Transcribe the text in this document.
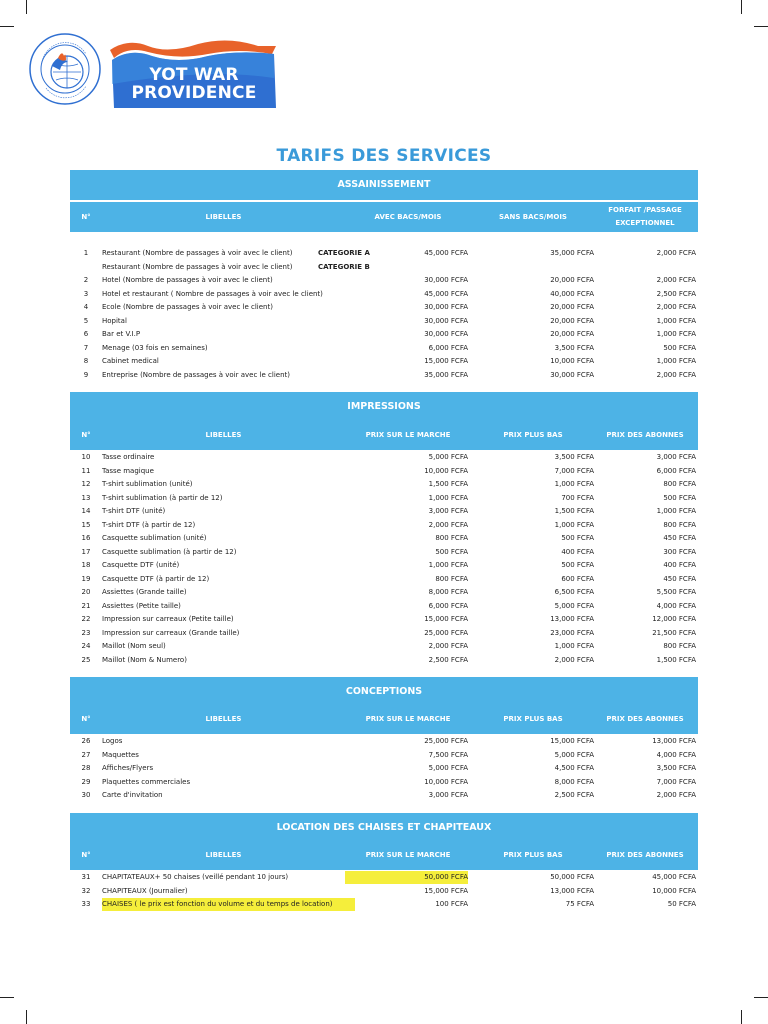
YOT WAR
PROVIDENCE
TARIFS DES SERVICES
ASSAINISSEMENT
N°	LIBELLES	AVEC BACS/MOIS	SANS BACS/MOIS
FORFAIT /PASSAGE
EXCEPTIONNEL
1	Restaurant (Nombre de passages à voir avec le client)	CATEGORIE A	45,000 FCFA	35,000 FCFA	2,000 FCFA
Restaurant (Nombre de passages à voir avec le client)	CATEGORIE B
2	Hotel (Nombre de passages à voir avec le client)	30,000 FCFA	20,000 FCFA	2,000 FCFA
3	Hotel et restaurant ( Nombre de passages à voir avec le client)	45,000 FCFA	40,000 FCFA	2,500 FCFA
4	Ecole (Nombre de passages à voir avec le client)	30,000 FCFA	20,000 FCFA	2,000 FCFA
5	Hopital	30,000 FCFA	20,000 FCFA	1,000 FCFA
6	Bar et V.I.P	30,000 FCFA	20,000 FCFA	1,000 FCFA
7	Menage (03 fois en semaines)	6,000 FCFA	3,500 FCFA	500 FCFA
8	Cabinet medical	15,000 FCFA	10,000 FCFA	1,000 FCFA
9	Entreprise (Nombre de passages à voir avec le client)	35,000 FCFA	30,000 FCFA	2,000 FCFA
IMPRESSIONS
N°	LIBELLES	PRIX SUR LE MARCHE	PRIX PLUS BAS	PRIX DES ABONNES
10	Tasse ordinaire	5,000 FCFA	3,500 FCFA	3,000 FCFA
11	Tasse magique	10,000 FCFA	7,000 FCFA	6,000 FCFA
12	T-shirt sublimation (unité)	1,500 FCFA	1,000 FCFA	800 FCFA
13	T-shirt sublimation (à partir de 12)	1,000 FCFA	700 FCFA	500 FCFA
14	T-shirt DTF (unité)	3,000 FCFA	1,500 FCFA	1,000 FCFA
15	T-shirt DTF (à partir de 12)	2,000 FCFA	1,000 FCFA	800 FCFA
16	Casquette sublimation (unité)	800 FCFA	500 FCFA	450 FCFA
17	Casquette sublimation (à partir de 12)	500 FCFA	400 FCFA	300 FCFA
18	Casquette DTF (unité)	1,000 FCFA	500 FCFA	400 FCFA
19	Casquette DTF (à partir de 12)	800 FCFA	600 FCFA	450 FCFA
20	Assiettes (Grande taille)	8,000 FCFA	6,500 FCFA	5,500 FCFA
21	Assiettes (Petite taille)	6,000 FCFA	5,000 FCFA	4,000 FCFA
22	Impression sur carreaux (Petite taille)	15,000 FCFA	13,000 FCFA	12,000 FCFA
23	Impression sur carreaux (Grande taille)	25,000 FCFA	23,000 FCFA	21,500 FCFA
24	Maillot (Nom seul)	2,000 FCFA	1,000 FCFA	800 FCFA
25	Maillot (Nom & Numero)	2,500 FCFA	2,000 FCFA	1,500 FCFA
CONCEPTIONS
N°	LIBELLES	PRIX SUR LE MARCHE	PRIX PLUS BAS	PRIX DES ABONNES
26	Logos	25,000 FCFA	15,000 FCFA	13,000 FCFA
27	Maquettes	7,500 FCFA	5,000 FCFA	4,000 FCFA
28	Affiches/Flyers	5,000 FCFA	4,500 FCFA	3,500 FCFA
29	Plaquettes commerciales	10,000 FCFA	8,000 FCFA	7,000 FCFA
30	Carte d'invitation	3,000 FCFA	2,500 FCFA	2,000 FCFA
LOCATION DES CHAISES ET CHAPITEAUX
N°	LIBELLES	PRIX SUR LE MARCHE	PRIX PLUS BAS	PRIX DES ABONNES
31	CHAPITATEAUX+ 50 chaises (veillé pendant 10 jours)	50,000 FCFA	50,000 FCFA	45,000 FCFA
32	CHAPITEAUX (Journalier)	15,000 FCFA	13,000 FCFA	10,000 FCFA
33	CHAISES ( le prix est fonction du volume et du temps de location)	100 FCFA	75 FCFA	50 FCFA
